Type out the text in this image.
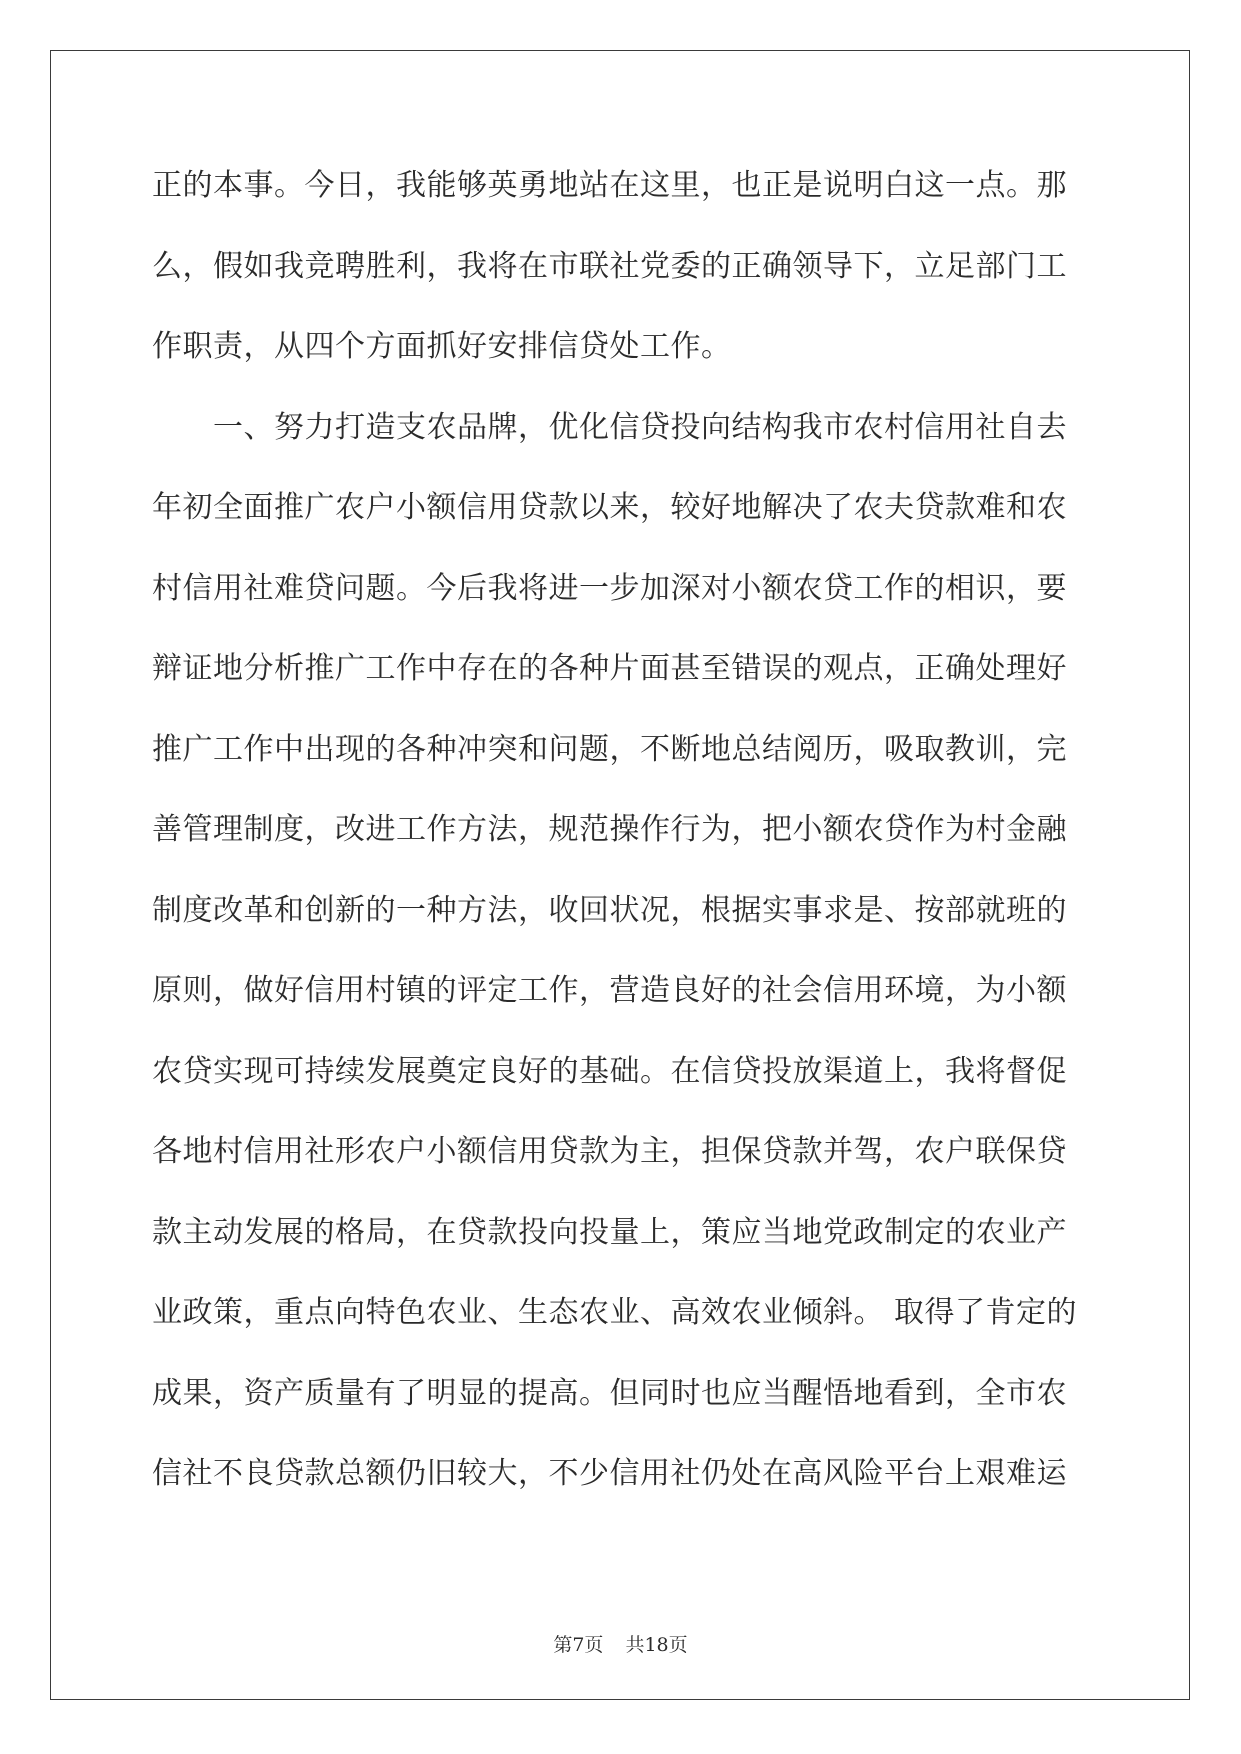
正的本事。今日，我能够英勇地站在这里，也正是说明白这一点。那
么，假如我竞聘胜利，我将在市联社党委的正确领导下，立足部门工
作职责，从四个方面抓好安排信贷处工作。
　　一、努力打造支农品牌，优化信贷投向结构我市农村信用社自去
年初全面推广农户小额信用贷款以来，较好地解决了农夫贷款难和农
村信用社难贷问题。今后我将进一步加深对小额农贷工作的相识，要
辩证地分析推广工作中存在的各种片面甚至错误的观点，正确处理好
推广工作中出现的各种冲突和问题，不断地总结阅历，吸取教训，完
善管理制度，改进工作方法，规范操作行为，把小额农贷作为村金融
制度改革和创新的一种方法，收回状况，根据实事求是、按部就班的
原则，做好信用村镇的评定工作，营造良好的社会信用环境，为小额
农贷实现可持续发展奠定良好的基础。在信贷投放渠道上，我将督促
各地村信用社形农户小额信用贷款为主，担保贷款并驾，农户联保贷
款主动发展的格局，在贷款投向投量上，策应当地党政制定的农业产
业政策，重点向特色农业、生态农业、高效农业倾斜。 取得了肯定的
成果，资产质量有了明显的提高。但同时也应当醒悟地看到，全市农
信社不良贷款总额仍旧较大，不少信用社仍处在高风险平台上艰难运
第7页 共18页
